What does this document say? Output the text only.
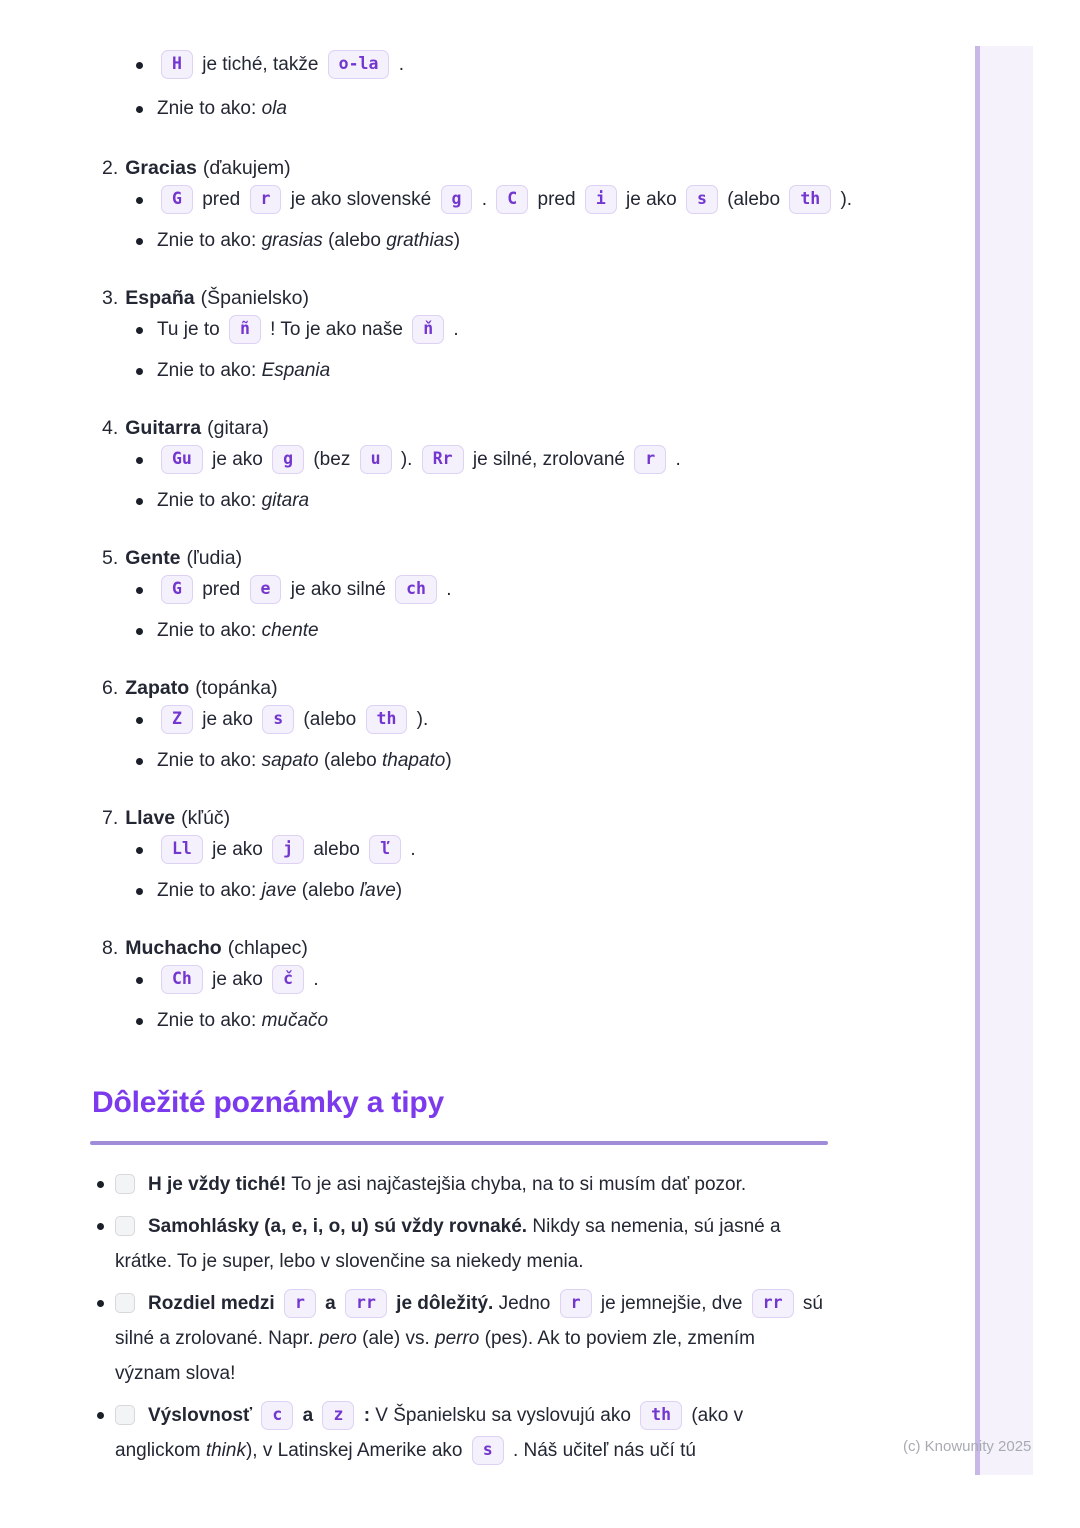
H je tiché, takže o-la .
Znie to ako: ola
2. Gracias (ďakujem)
G pred r je ako slovenské g . C pred i je ako s (alebo th ).
Znie to ako: grasias (alebo grathias)
3. España (Španielsko)
Tu je to ñ ! To je ako naše ň .
Znie to ako: Espania
4. Guitarra (gitara)
Gu je ako g (bez u ). Rr je silné, zrolované r .
Znie to ako: gitara
5. Gente (ľudia)
G pred e je ako silné ch .
Znie to ako: chente
6. Zapato (topánka)
Z je ako s (alebo th ).
Znie to ako: sapato (alebo thapato)
7. Llave (kľúč)
Ll je ako j alebo ľ .
Znie to ako: jave (alebo ľave)
8. Muchacho (chlapec)
Ch je ako č .
Znie to ako: mučačo
Dôležité poznámky a tipy
H je vždy tiché! To je asi najčastejšia chyba, na to si musím dať pozor.
Samohlásky (a, e, i, o, u) sú vždy rovnaké. Nikdy sa nemenia, sú jasné a
krátke. To je super, lebo v slovenčine sa niekedy menia.
Rozdiel medzi r a rr je dôležitý. Jedno r je jemnejšie, dve rr sú
silné a zrolované. Napr. pero (ale) vs. perro (pes). Ak to poviem zle, zmením
význam slova!
Výslovnosť c a z : V Španielsku sa vyslovujú ako th (ako v
anglickom think), v Latinskej Amerike ako s . Náš učiteľ nás učí tú	(c) Knowunity 2025
